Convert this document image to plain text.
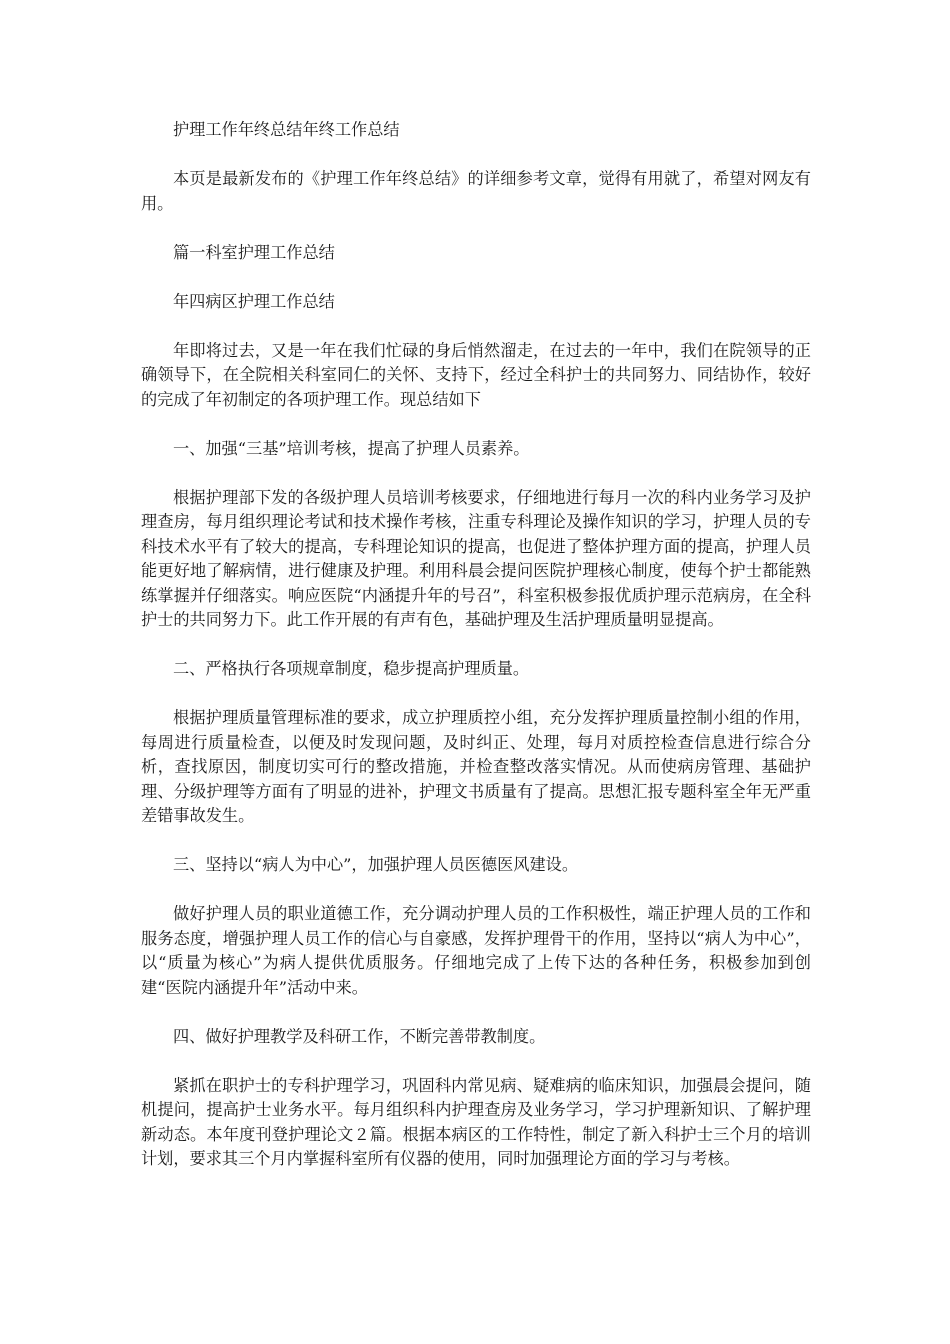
护理工作年终总结年终工作总结

本页是最新发布的《护理工作年终总结》的详细参考文章，觉得有用就了，希望对网友有用。

篇一科室护理工作总结

年四病区护理工作总结

年即将过去，又是一年在我们忙碌的身后悄然溜走，在过去的一年中，我们在院领导的正确领导下，在全院相关科室同仁的关怀、支持下，经过全科护士的共同努力、同结协作，较好的完成了年初制定的各项护理工作。现总结如下

一、加强“三基”培训考核，提高了护理人员素养。

根据护理部下发的各级护理人员培训考核要求，仔细地进行每月一次的科内业务学习及护理查房，每月组织理论考试和技术操作考核，注重专科理论及操作知识的学习，护理人员的专科技术水平有了较大的提高，专科理论知识的提高，也促进了整体护理方面的提高，护理人员能更好地了解病情，进行健康及护理。利用科晨会提问医院护理核心制度，使每个护士都能熟练掌握并仔细落实。响应医院“内涵提升年的号召”，科室积极参报优质护理示范病房，在全科护士的共同努力下。此工作开展的有声有色，基础护理及生活护理质量明显提高。

二、严格执行各项规章制度，稳步提高护理质量。

根据护理质量管理标准的要求，成立护理质控小组，充分发挥护理质量控制小组的作用，每周进行质量检查，以便及时发现问题，及时纠正、处理，每月对质控检查信息进行综合分析，查找原因，制度切实可行的整改措施，并检查整改落实情况。从而使病房管理、基础护理、分级护理等方面有了明显的进补，护理文书质量有了提高。思想汇报专题科室全年无严重差错事故发生。

三、坚持以“病人为中心”，加强护理人员医德医风建设。

做好护理人员的职业道德工作，充分调动护理人员的工作积极性，端正护理人员的工作和服务态度，增强护理人员工作的信心与自豪感，发挥护理骨干的作用，坚持以“病人为中心”，以“质量为核心”为病人提供优质服务。仔细地完成了上传下达的各种任务，积极参加到创建“医院内涵提升年”活动中来。

四、做好护理教学及科研工作，不断完善带教制度。

紧抓在职护士的专科护理学习，巩固科内常见病、疑难病的临床知识，加强晨会提问，随机提问，提高护士业务水平。每月组织科内护理查房及业务学习，学习护理新知识、了解护理新动态。本年度刊登护理论文２篇。根据本病区的工作特性，制定了新入科护士三个月的培训计划，要求其三个月内掌握科室所有仪器的使用，同时加强理论方面的学习与考核。
